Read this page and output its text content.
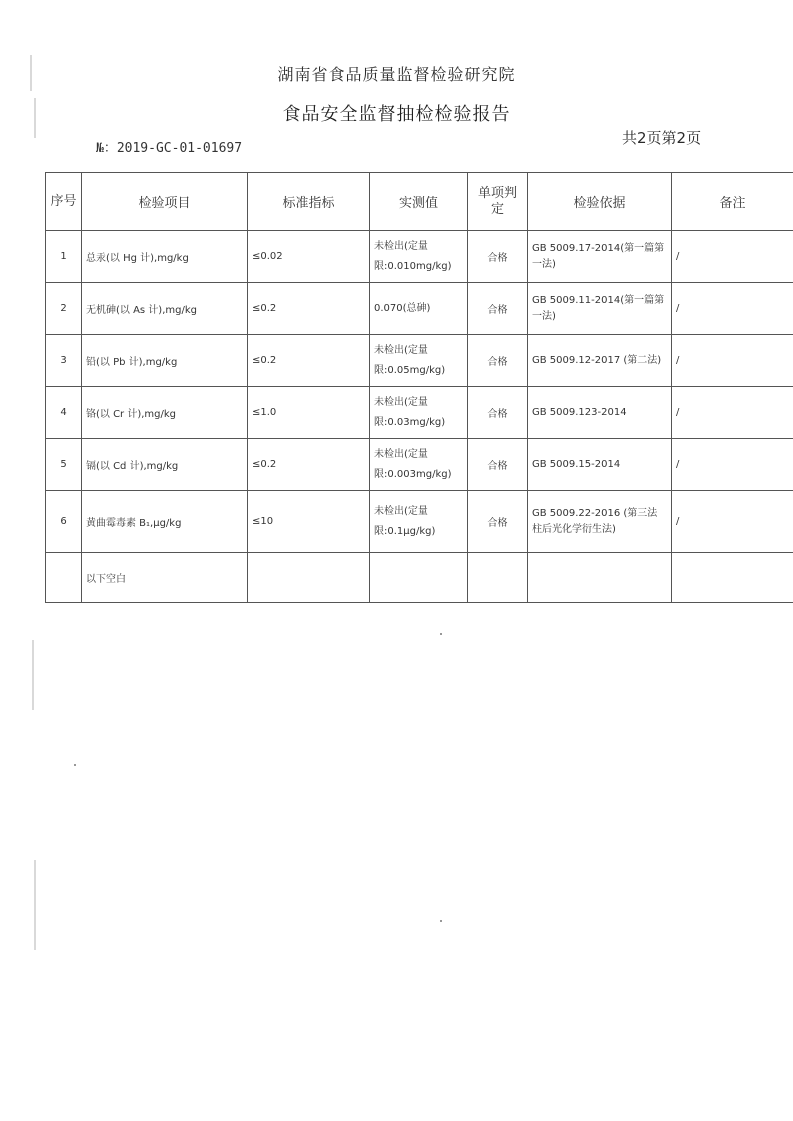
湖南省食品质量监督检验研究院
食品安全监督抽检检验报告
№：2019-GC-01-01697
共2页第2页
序号	检验项目	标准指标	实测值	单项判定	检验依据	备注
1	总汞(以 Hg 计),mg/kg	≤0.02	未检出(定量限:0.010mg/kg)	合格	GB 5009.17-2014(第一篇第一法)	/
2	无机砷(以 As 计),mg/kg	≤0.2	0.070(总砷)	合格	GB 5009.11-2014(第一篇第一法)	/
3	铅(以 Pb 计),mg/kg	≤0.2	未检出(定量限:0.05mg/kg)	合格	GB 5009.12-2017 (第二法)	/
4	铬(以 Cr 计),mg/kg	≤1.0	未检出(定量限:0.03mg/kg)	合格	GB 5009.123-2014	/
5	镉(以 Cd 计),mg/kg	≤0.2	未检出(定量限:0.003mg/kg)	合格	GB 5009.15-2014	/
6	黄曲霉毒素 B₁,μg/kg	≤10	未检出(定量限:0.1μg/kg)	合格	GB 5009.22-2016 (第三法 柱后光化学衍生法)	/
	以下空白					
